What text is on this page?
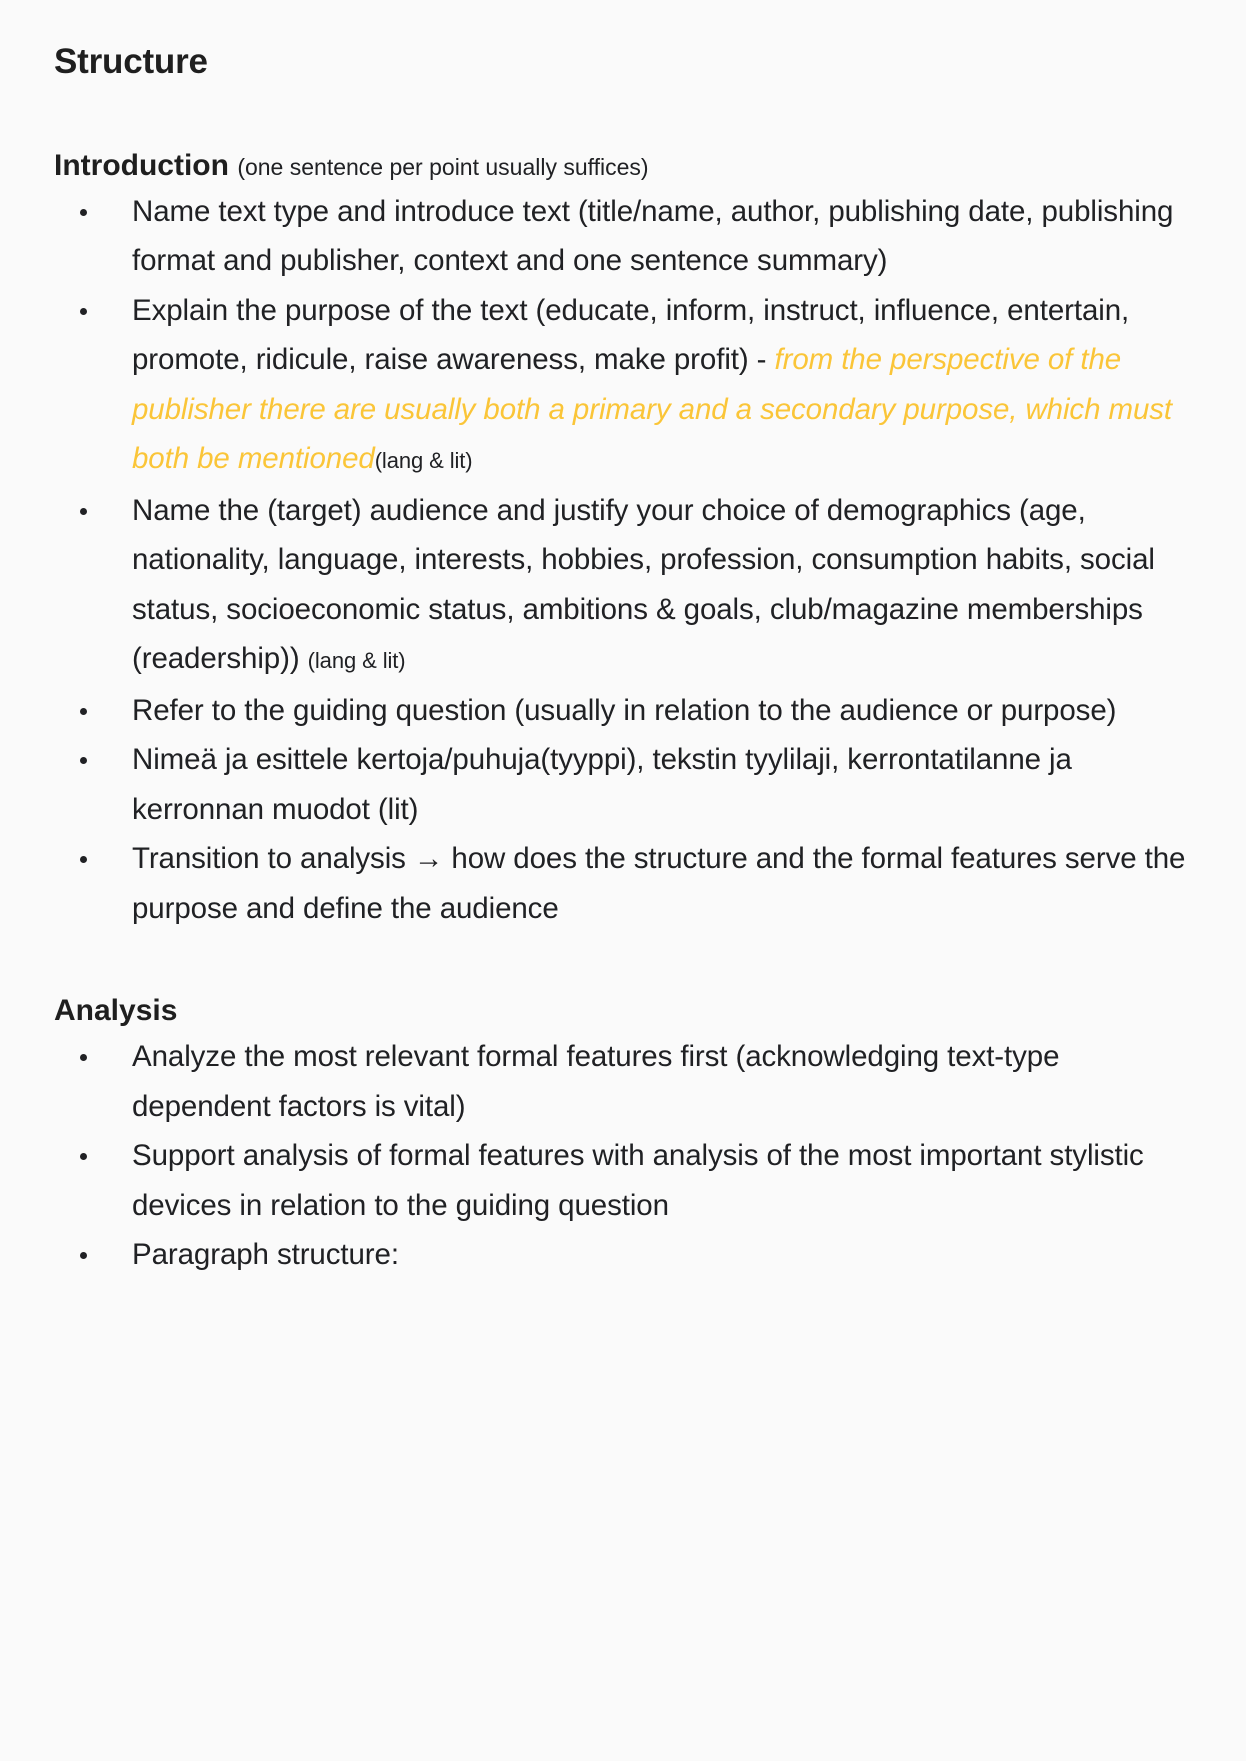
Structure
Introduction (one sentence per point usually suffices)
Name text type and introduce text (title/name, author, publishing date, publishing format and publisher, context and one sentence summary)
Explain the purpose of the text (educate, inform, instruct, influence, entertain, promote, ridicule, raise awareness, make profit) - from the perspective of the publisher there are usually both a primary and a secondary purpose, which must both be mentioned(lang & lit)
Name the (target) audience and justify your choice of demographics (age, nationality, language, interests, hobbies, profession, consumption habits, social status, socioeconomic status, ambitions & goals, club/magazine memberships (readership)) (lang & lit)
Refer to the guiding question (usually in relation to the audience or purpose)
Nimeä ja esittele kertoja/puhuja(tyyppi), tekstin tyylilaji, kerrontatilanne ja kerronnan muodot (lit)
Transition to analysis → how does the structure and the formal features serve the purpose and define the audience
Analysis
Analyze the most relevant formal features first (acknowledging text-type dependent factors is vital)
Support analysis of formal features with analysis of the most important stylistic devices in relation to the guiding question
Paragraph structure:
